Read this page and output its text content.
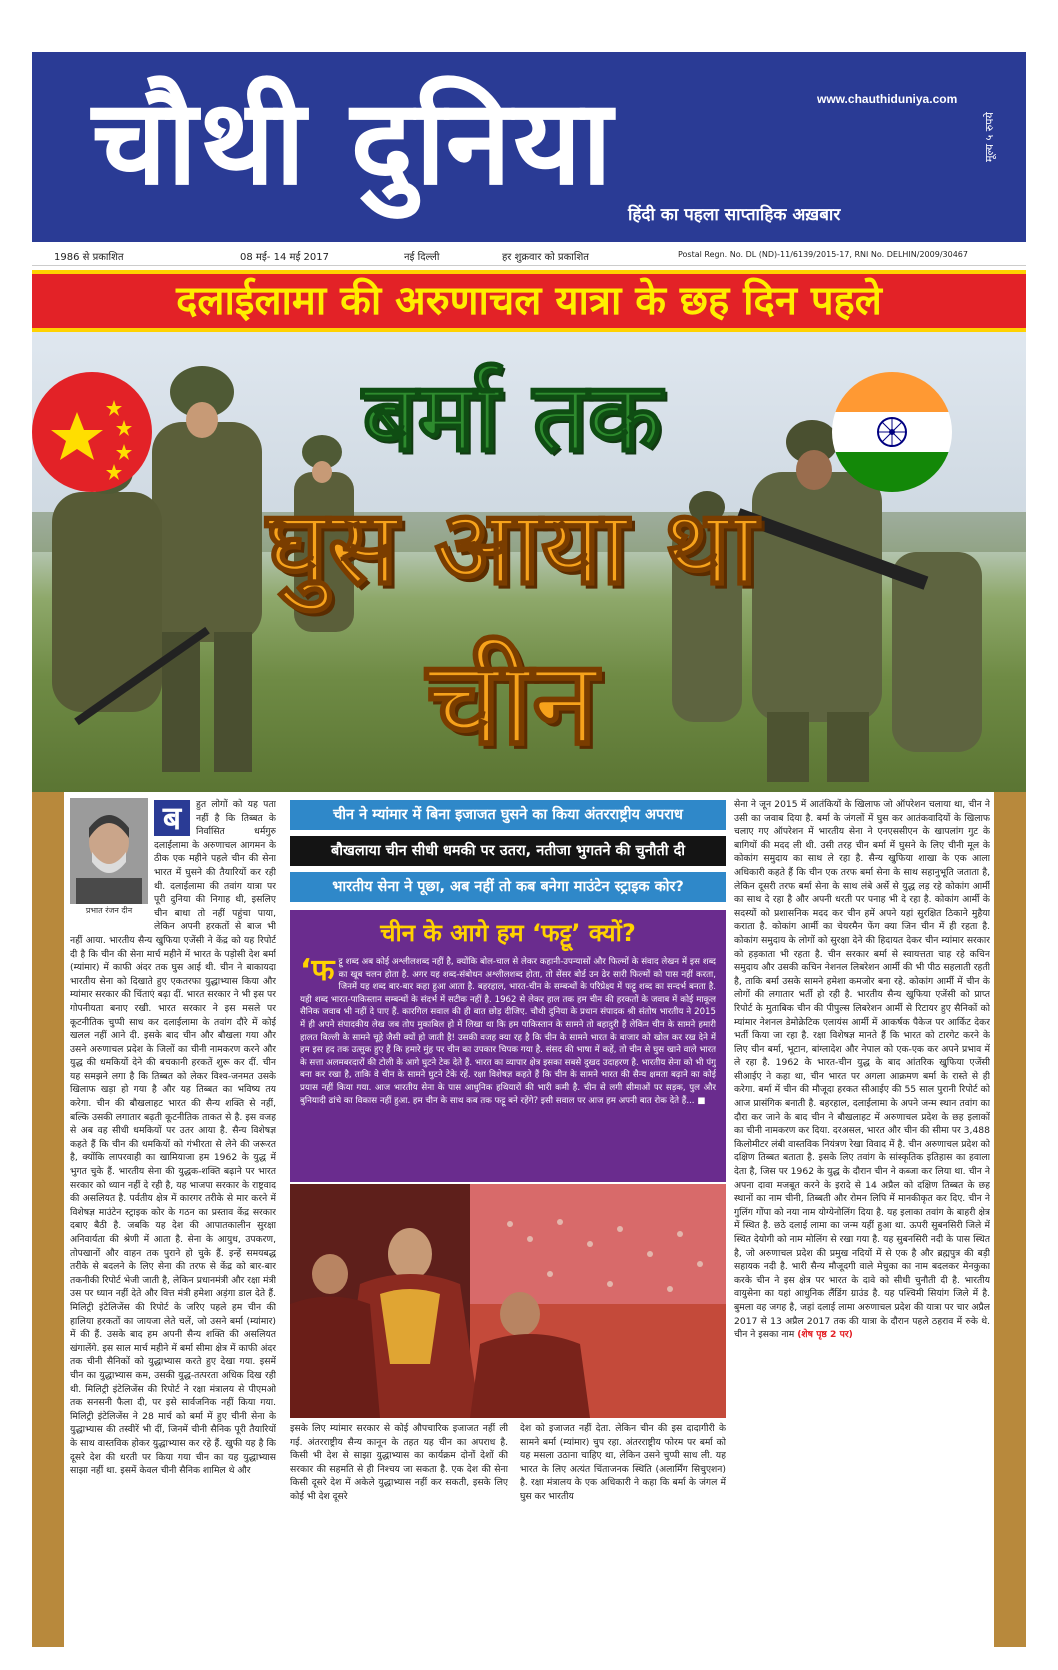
चौथी दुनिया	www.chauthiduniya.com
हिंदी का पहला साप्ताहिक अख़बार
मूल्य ५ रुपये
1986 से प्रकाशित	08 मई- 14 मई 2017	नई दिल्ली	हर शुक्रवार को प्रकाशित	Postal Regn. No. DL (ND)-11/6139/2015-17, RNI No. DELHIN/2009/30467
दलाईलामा की अरुणाचल यात्रा के छह दिन पहले
बर्मा तक
घुस आया था
चीन
प्रभात रंजन दीन
ब	हुत लोगों को यह पता नहीं है कि तिब्बत के निर्वासित धर्मगुरु दलाईलामा के अरुणाचल आगमन के ठीक एक महीने पहले चीन की सेना भारत में घुसने की तैयारियों कर रही थी. दलाईलामा की तवांग यात्रा पर पूरी दुनिया की निगाह थी, इसलिए चीन बाधा तो नहीं पहुंचा पाया, लेकिन अपनी हरकतों से बाज भी नहीं आया. भारतीय सैन्य खुफिया एजेंसी ने केंद्र को यह रिपोर्ट दी है कि चीन की सेना मार्च महीने में भारत के पड़ोसी देश बर्मा (म्यांमार) में काफी अंदर तक घुस आई थी. चीन ने बाकायदा भारतीय सेना को दिखाते हुए एकतरफा युद्धाभ्यास किया और म्यांमार सरकार की चिंताएं बढ़ा दीं. भारत सरकार ने भी इस पर गोपनीयता बनाए रखी. भारत सरकार ने इस मसले पर कूटनीतिक चुप्पी साध कर दलाईलामा के तवांग दौरे में कोई खलल नहीं आने दी. इसके बाद चीन और बौखला गया और उसने अरुणाचल प्रदेश के जिलों का चीनी नामकरण करने और युद्ध की धमकियों देने की बचकानी हरकतें शुरू कर दीं. चीन यह समझने लगा है कि तिब्बत को लेकर विश्व-जनमत उसके खिलाफ खड़ा हो गया है और यह तिब्बत का भविष्य तय करेगा. चीन की बौखलाहट भारत की सैन्य शक्ति से नहीं, बल्कि उसकी लगातार बढ़ती कूटनीतिक ताकत से है. इस वजह से अब वह सीधी धमकियों पर उतर आया है. सैन्य विशेषज्ञ कहते हैं कि चीन की धमकियों को गंभीरता से लेने की जरूरत है, क्योंकि लापरवाही का खामियाजा हम 1962 के युद्ध में भुगत चुके हैं. भारतीय सेना की युद्धक-शक्ति बढ़ाने पर भारत सरकार को ध्यान नहीं दे रही है, यह भाजपा सरकार के राष्ट्रवाद की असलियत है. पर्वतीय क्षेत्र में कारगर तरीके से मार करने में विशेषज्ञ माउंटेन स्ट्राइक कोर के गठन का प्रस्ताव केंद्र सरकार दबाए बैठी है. जबकि यह देश की आपातकालीन सुरक्षा अनिवार्यता की श्रेणी में आता है. सेना के आयुध, उपकरण, तोपखानों और वाहन तक पुराने हो चुके हैं. इन्हें समयबद्ध तरीके से बदलने के लिए सेना की तरफ से केंद्र को बार-बार तकनीकी रिपोर्ट भेजी जाती है, लेकिन प्रधानमंत्री और रक्षा मंत्री उस पर ध्यान नहीं देते और वित्त मंत्री हमेशा अड़ंगा डाल देते हैं. मिलिट्री इंटेलिजेंस की रिपोर्ट के जरिए पहले हम चीन की हालिया हरकतों का जायजा लेते चलें, जो उसने बर्मा (म्यांमार) में की हैं. उसके बाद हम अपनी सैन्य शक्ति की असलियत खंगालेंगे. इस साल मार्च महीने में बर्मा सीमा क्षेत्र में काफी अंदर तक चीनी सैनिकों को युद्धाभ्यास करते हुए देखा गया. इसमें चीन का युद्धाभ्यास कम, उसकी युद्ध-तत्परता अधिक दिख रही थी. मिलिट्री इंटेलिजेंस की रिपोर्ट ने रक्षा मंत्रालय से पीएमओ तक सनसनी फैला दी, पर इसे सार्वजनिक नहीं किया गया. मिलिट्री इंटेलिजेंस ने 28 मार्च को बर्मा में हुए चीनी सेना के युद्धाभ्यास की तस्वीरें भी दीं, जिनमें चीनी सैनिक पूरी तैयारियों के साथ वास्तविक होकर युद्धाभ्यास कर रहे हैं. खुफी यह है कि दूसरे देश की धरती पर किया गया चीन का यह युद्धाभ्यास साझा नहीं था. इसमें केवल चीनी सैनिक शामिल थे और
चीन ने म्यांमार में बिना इजाजत घुसने का किया अंतरराष्ट्रीय अपराध
बौखलाया चीन सीधी धमकी पर उतरा, नतीजा भुगतने की चुनौती दी
भारतीय सेना ने पूछा, अब नहीं तो कब बनेगा माउंटेन स्ट्राइक कोर?
चीन के आगे हम ‘फट्टू’ क्यों?
‘फ ट्टू शब्द अब कोई अश्लीलशब्द नहीं है, क्योंकि बोल-चाल से लेकर कहानी-उपन्यासों और फिल्मों के संवाद लेखन में इस शब्द का खूब चलन होता है. अगर यह शब्द-संबोधन अश्लीलशब्द होता, तो सेंसर बोर्ड उन ढेर सारी फिल्मों को पास नहीं करता, जिनमें यह शब्द बार-बार कहा हुआ आता है. बहरहाल, भारत-चीन के सम्बन्धों के परिप्रेक्ष्य में फट्टू शब्द का सन्दर्भ बनता है. यही शब्द भारत-पाकिस्तान सम्बन्धों के संदर्भ में सटीक नहीं है. 1962 से लेकर हाल तक हम चीन की हरकतों के जवाब में कोई माकूल सैनिक जवाब भी नहीं दे पाए हैं. कारगिल सवाल की ही बात छोड़ दीजिए. चौथी दुनिया के प्रधान संपादक श्री संतोष भारतीय ने 2015 में ही अपने संपादकीय लेख जब तोप मुकाबिल हो में लिखा था कि हम पाकिस्तान के सामने तो बहादुरी हैं लेकिन चीन के सामने हमारी हालत बिल्ली के सामने चूहे जैसी क्यों हो जाती है! उसकी वजह क्या रह है कि चीन के सामने भारत के बाजार को खोल कर रख देने में हम इस हद तक उत्सुक हुए हैं कि हमारे मुंह पर चीन का उपकार चिपक गया है. संसद की भाषा में कहें, तो चीन से घुस खाने वाले भारत के सत्ता अलमबरदारों की टोली के आगे घुटने टेक देते हैं. भारत का व्यापार क्षेत्र इसका सबसे दुखद उदाहरण है. भारतीय सेना को भी पंगु बना कर रखा है, ताकि वे चीन के सामने घुटने टेके रहें. रक्षा विशेषज्ञ कहते हैं कि चीन के सामने भारत की सैन्य क्षमता बढ़ाने का कोई प्रयास नहीं किया गया. आज भारतीय सेना के पास आधुनिक हथियारों की भारी कमी है. चीन से लगी सीमाओं पर सड़क, पुल और बुनियादी ढांचे का विकास नहीं हुआ. हम चीन के साथ कब तक फट्टू बने रहेंगे? इसी सवाल पर आज हम अपनी बात रोक देते हैं... ■
इसके लिए म्यांमार सरकार से कोई औपचारिक इजाजत नहीं ली गई. अंतरराष्ट्रीय सैन्य कानून के तहत यह चीन का अपराध है. किसी भी देश से साझा युद्धाभ्यास का कार्यक्रम दोनों देशों की सरकार की सहमति से ही निश्चय जा सकता है. एक देश की सेना किसी दूसरे देश में अकेले युद्धाभ्यास नहीं कर सकती, इसके लिए कोई भी देश दूसरे
देश को इजाजत नहीं देता. लेकिन चीन की इस दादागीरी के सामने बर्मा (म्यांमार) चुप रहा. अंतरराष्ट्रीय फोरम पर बर्मा को यह मसला उठाना चाहिए था, लेकिन उसने चुप्पी साध ली. यह भारत के लिए अत्यंत चिंताजनक स्थिति (अलार्मिंग सिचुएशन) है. रक्षा मंत्रालय के एक अधिकारी ने कहा कि बर्मा के जंगल में घुस कर भारतीय
सेना ने जून 2015 में आतंकियों के खिलाफ जो ऑपरेशन चलाया था, चीन ने उसी का जवाब दिया है. बर्मा के जंगलों में घुस कर आतंकवादियों के खिलाफ चलाए गए ऑपरेशन में भारतीय सेना ने एनएससीएन के खापलांग गुट के बागियों की मदद ली थी. उसी तरह चीन बर्मा में घुसने के लिए चीनी मूल के कोकांग समुदाय का साथ ले रहा है. सैन्य खुफिया शाखा के एक आला अधिकारी कहते हैं कि चीन एक तरफ बर्मा सेना के साथ सहानुभूति जताता है, लेकिन दूसरी तरफ बर्मा सेना के साथ लंबे अर्से से युद्ध लड़ रहे कोकांग आर्मी का साथ दे रहा है और अपनी धरती पर पनाह भी दे रहा है. कोकांग आर्मी के सदस्यों को प्रशासनिक मदद कर चीन हमें अपने यहां सुरक्षित ठिकाने मुहैया कराता है. कोकांग आर्मी का चेयरमैन फेंग क्या जिन चीन में ही रहता है. कोकांग समुदाय के लोगों को सुरक्षा देने की हिदायत देकर चीन म्यांमार सरकार को हड़काता भी रहता है. चीन सरकार बर्मा से स्वायत्तता चाह रहे कचिन समुदाय और उसकी कचिन नेशनल लिबरेशन आर्मी की भी पीठ सहलाती रहती है, ताकि बर्मा उसके सामने हमेशा कमजोर बना रहे. कोकांग आर्मी में चीन के लोगों की लगातार भर्ती हो रही है. भारतीय सैन्य खुफिया एजेंसी को प्राप्त रिपोर्ट के मुताबिक चीन की पीपुल्स लिबरेशन आर्मी से रिटायर हुए सैनिकों को म्यांमार नेशनल डेमोक्रेटिक एलायंस आर्मी में आकर्षक पैकेज पर आर्किट देकर भर्ती किया जा रहा है. रक्षा विशेषज्ञ मानते हैं कि भारत को टारगेट करने के लिए चीन बर्मा, भूटान, बांग्लादेश और नेपाल को एक-एक कर अपने प्रभाव में ले रहा है. 1962 के भारत-चीन युद्ध के बाद आंतरिक खुफिया एजेंसी सीआईए ने कहा था, चीन भारत पर अगला आक्रमण बर्मा के रास्ते से ही करेगा. बर्मा में चीन की मौजूदा हरकत सीआईए की 55 साल पुरानी रिपोर्ट को आज प्रासंगिक बनाती है. बहरहाल, दलाईलामा के अपने जन्म स्थान तवांग का दौरा कर जाने के बाद चीन ने बौखलाहट में अरुणाचल प्रदेश के छह इलाकों का चीनी नामकरण कर दिया. दरअसल, भारत और चीन की सीमा पर 3,488 किलोमीटर लंबी वास्तविक नियंत्रण रेखा विवाद में है. चीन अरुणाचल प्रदेश को दक्षिण तिब्बत बताता है. इसके लिए तवांग के सांस्कृतिक इतिहास का हवाला देता है, जिस पर 1962 के युद्ध के दौरान चीन ने कब्जा कर लिया था. चीन ने अपना दावा मजबूत करने के इरादे से 14 अप्रैल को दक्षिण तिब्बत के छह स्थानों का नाम चीनी, तिब्बती और रोमन लिपि में मानकीकृत कर दिए. चीन ने गुलिंग गोंपा को नया नाम योग्येनोलिंग दिया है. यह इलाका तवांग के बाहरी क्षेत्र में स्थित है. छठे दलाई लामा का जन्म यहीं हुआ था. ऊपरी सुबनसिरी जिले में स्थित देयोगी को नाम मोलिंग से रखा गया है. यह सुबनसिरी नदी के पास स्थित है, जो अरुणाचल प्रदेश की प्रमुख नदियों में से एक है और ब्रह्मपुत्र की बड़ी सहायक नदी है. भारी सैन्य मौजूदगी वाले मेचुका का नाम बदलकर मेनकुका करके चीन ने इस क्षेत्र पर भारत के दावे को सीधी चुनौती दी है. भारतीय वायुसेना का यहां आधुनिक लैंडिंग ग्राउंड है. यह पश्चिमी सियांग जिले में है. बुमला वह जगह है, जहां दलाई लामा अरुणाचल प्रदेश की यात्रा पर चार अप्रैल 2017 से 13 अप्रैल 2017 तक की यात्रा के दौरान पहले ठहराव में रुके थे. चीन ने इसका नाम (शेष पृष्ठ 2 पर)
